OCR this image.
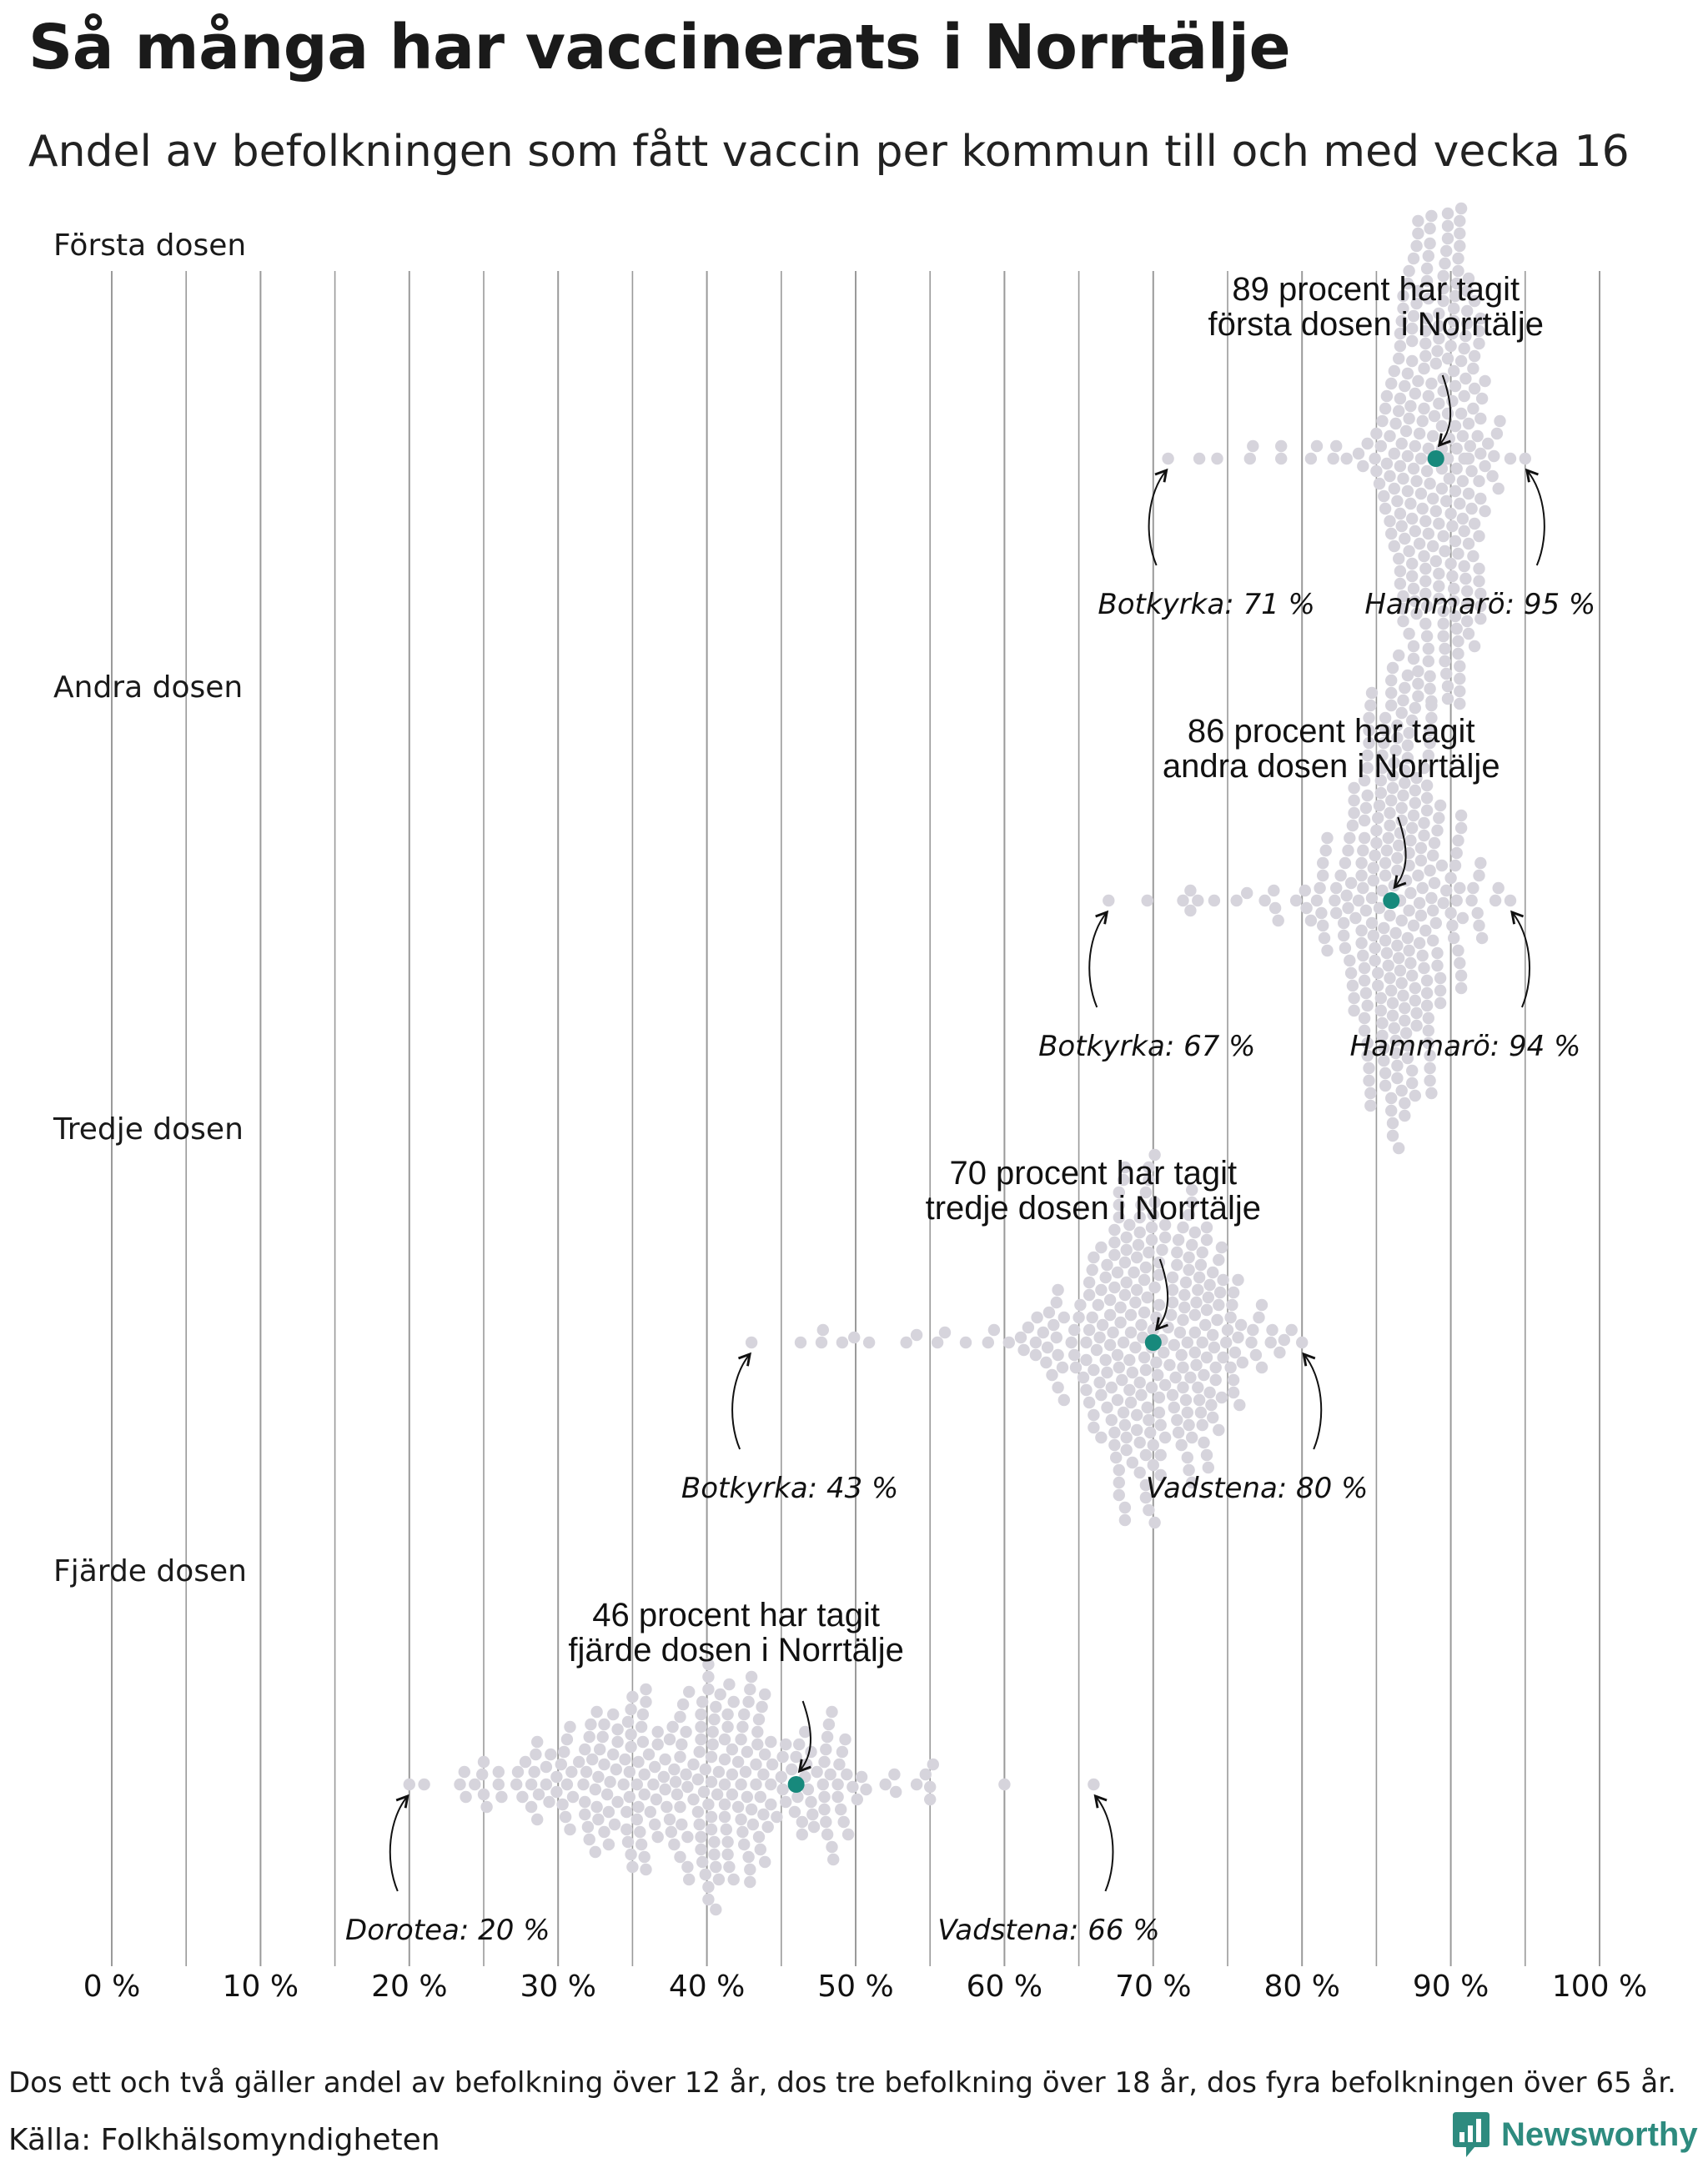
Så många har vaccinerats i Norrtälje
Andel av befolkningen som fått vaccin per kommun till och med vecka 16
Första dosen
89 procent har tagit
första dosen i Norrtälje
Botkyrka: 71 % Hammarö: 95 %
Andra dosen
86 procent har tagit
andra dosen i Norrtälje
Botkyrka: 67 %	Hammarö: 94 %
Tredje dosen
70 procent har tagit
tredje dosen i Norrtälje
Botkyrka: 43 %	Vadstena: 80 %
Fjärde dosen
46 procent har tagit
fjärde dosen i Norrtälje
Dorotea: 20 %	Vadstena: 66 %
0 %	10 % 20 % 30 % 40 % 50 % 60 % 70 % 80 % 90 % 100 %
Dos ett och två gäller andel av befolkning över 12 år, dos tre befolkning över 18 år, dos fyra befolkningen över 65 år.
Källa: Folkhälsomyndigheten	Newsworthy
